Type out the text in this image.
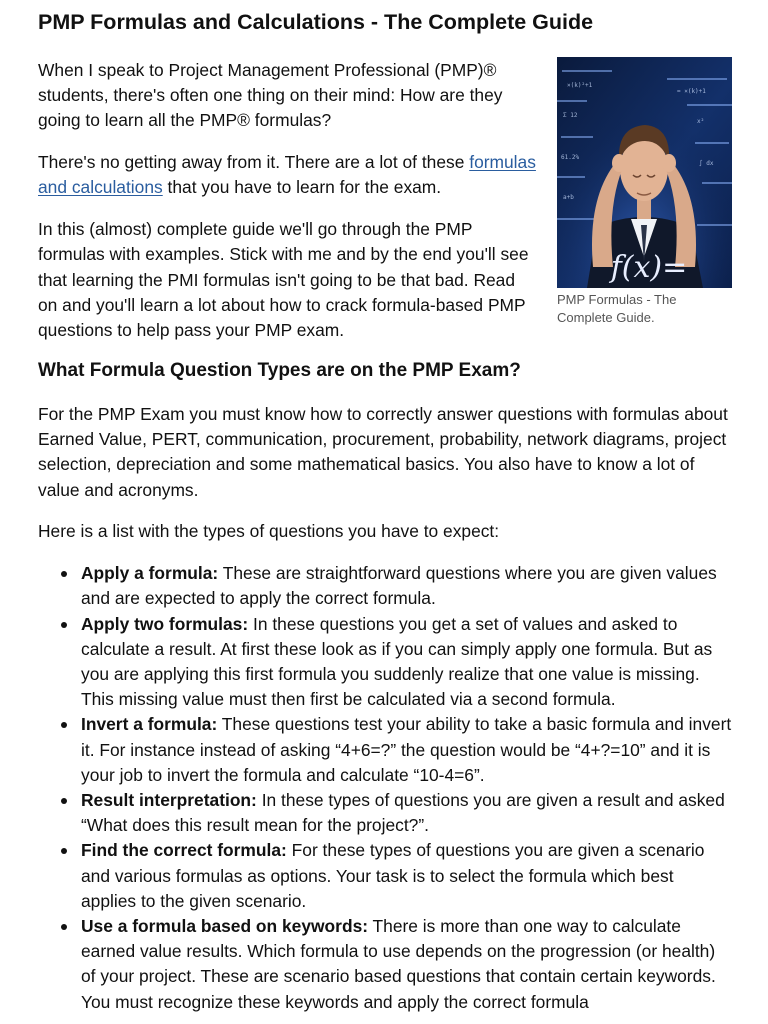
PMP Formulas and Calculations - The Complete Guide

When I speak to Project Management Professional (PMP)® students, there's often one thing on their mind: How are they going to learn all the PMP® formulas?

There's no getting away from it. There are a lot of these formulas and calculations that you have to learn for the exam.

In this (almost) complete guide we'll go through the PMP formulas with examples. Stick with me and by the end you'll see that learning the PMI formulas isn't going to be that bad. Read on and you'll learn a lot about how to crack formula-based PMP questions to help pass your PMP exam.

×(k)²+1
= ×(k)+1
Σ 12
x²
61.2%
∫ dx
a+b
f(x)=
PMP Formulas - The Complete Guide.
What Formula Question Types are on the PMP Exam?

For the PMP Exam you must know how to correctly answer questions with formulas about Earned Value, PERT, communication, procurement, probability, network diagrams, project selection, depreciation and some mathematical basics. You also have to know a lot of value and acronyms.

Here is a list with the types of questions you have to expect:

Apply a formula: These are straightforward questions where you are given values and are expected to apply the correct formula.
Apply two formulas: In these questions you get a set of values and asked to calculate a result. At first these look as if you can simply apply one formula. But as you are applying this first formula you suddenly realize that one value is missing. This missing value must then first be calculated via a second formula.
Invert a formula: These questions test your ability to take a basic formula and invert it. For instance instead of asking “4+6=?” the question would be “4+?=10” and it is your job to invert the formula and calculate “10-4=6”.
Result interpretation: In these types of questions you are given a result and asked “What does this result mean for the project?”.
Find the correct formula: For these types of questions you are given a scenario and various formulas as options. Your task is to select the formula which best applies to the given scenario.
Use a formula based on keywords: There is more than one way to calculate earned value results. Which formula to use depends on the progression (or health) of your project. These are scenario based questions that contain certain keywords. You must recognize these keywords and apply the correct formula
